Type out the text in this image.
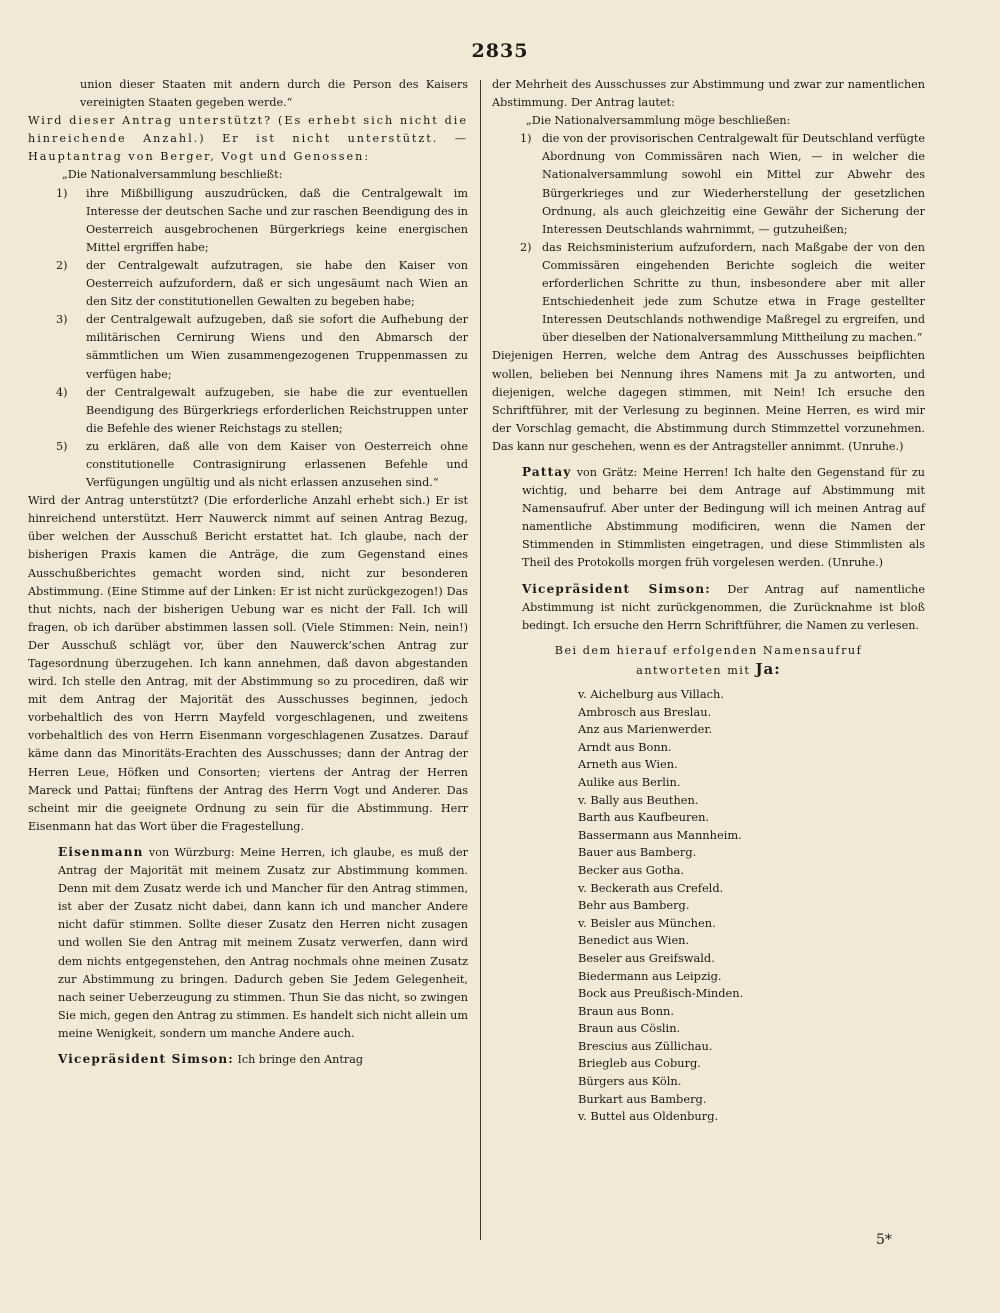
2835

union dieser Staaten mit andern durch die Person des Kaisers vereinigten Staaten gegeben werde.“

Wird dieser Antrag unterstützt? (Es erhebt sich nicht die hinreichende Anzahl.) Er ist nicht unterstützt. — Hauptantrag von Berger, Vogt und Genossen:

„Die Nationalversammlung beschließt:

1) ihre Mißbilligung auszudrücken, daß die Centralgewalt im Interesse der deutschen Sache und zur raschen Beendigung des in Oesterreich ausgebrochenen Bürgerkriegs keine energischen Mittel ergriffen habe;
2) der Centralgewalt aufzutragen, sie habe den Kaiser von Oesterreich aufzufordern, daß er sich ungesäumt nach Wien an den Sitz der constitutionellen Gewalten zu begeben habe;
3) der Centralgewalt aufzugeben, daß sie sofort die Aufhebung der militärischen Cernirung Wiens und den Abmarsch der sämmtlichen um Wien zusammengezogenen Truppenmassen zu verfügen habe;
4) der Centralgewalt aufzugeben, sie habe die zur eventuellen Beendigung des Bürgerkriegs erforderlichen Reichstruppen unter die Befehle des wiener Reichstags zu stellen;
5) zu erklären, daß alle von dem Kaiser von Oesterreich ohne constitutionelle Contrasignirung erlassenen Befehle und Verfügungen ungültig und als nicht erlassen anzusehen sind.“

Wird der Antrag unterstützt? (Die erforderliche Anzahl erhebt sich.) Er ist hinreichend unterstützt. Herr Nauwerck nimmt auf seinen Antrag Bezug, über welchen der Ausschuß Bericht erstattet hat. Ich glaube, nach der bisherigen Praxis kamen die Anträge, die zum Gegenstand eines Ausschußberichtes gemacht worden sind, nicht zur besonderen Abstimmung. (Eine Stimme auf der Linken: Er ist nicht zurückgezogen!) Das thut nichts, nach der bisherigen Uebung war es nicht der Fall. Ich will fragen, ob ich darüber abstimmen lassen soll. (Viele Stimmen: Nein, nein!) Der Ausschuß schlägt vor, über den Nauwerck’schen Antrag zur Tagesordnung überzugehen. Ich kann annehmen, daß davon abgestanden wird. Ich stelle den Antrag, mit der Abstimmung so zu procediren, daß wir mit dem Antrag der Majorität des Ausschusses beginnen, jedoch vorbehaltlich des von Herrn Mayfeld vorgeschlagenen, und zweitens vorbehaltlich des von Herrn Eisenmann vorgeschlagenen Zusatzes. Darauf käme dann das Minoritäts-Erachten des Ausschusses; dann der Antrag der Herren Leue, Höfken und Consorten; viertens der Antrag der Herren Mareck und Pattai; fünftens der Antrag des Herrn Vogt und Anderer. Das scheint mir die geeignete Ordnung zu sein für die Abstimmung. Herr Eisenmann hat das Wort über die Fragestellung.

Eisenmann von Würzburg: Meine Herren, ich glaube, es muß der Antrag der Majorität mit meinem Zusatz zur Abstimmung kommen. Denn mit dem Zusatz werde ich und Mancher für den Antrag stimmen, ist aber der Zusatz nicht dabei, dann kann ich und mancher Andere nicht dafür stimmen. Sollte dieser Zusatz den Herren nicht zusagen und wollen Sie den Antrag mit meinem Zusatz verwerfen, dann wird dem nichts entgegenstehen, den Antrag nochmals ohne meinen Zusatz zur Abstimmung zu bringen. Dadurch geben Sie Jedem Gelegenheit, nach seiner Ueberzeugung zu stimmen. Thun Sie das nicht, so zwingen Sie mich, gegen den Antrag zu stimmen. Es handelt sich nicht allein um meine Wenigkeit, sondern um manche Andere auch.

Vicepräsident Simson: Ich bringe den Antrag

der Mehrheit des Ausschusses zur Abstimmung und zwar zur namentlichen Abstimmung. Der Antrag lautet:

„Die Nationalversammlung möge beschließen:

1) die von der provisorischen Centralgewalt für Deutschland verfügte Abordnung von Commissären nach Wien, — in welcher die Nationalversammlung sowohl ein Mittel zur Abwehr des Bürgerkrieges und zur Wiederherstellung der gesetzlichen Ordnung, als auch gleichzeitig eine Gewähr der Sicherung der Interessen Deutschlands wahrnimmt, — gutzuheißen;
2) das Reichsministerium aufzufordern, nach Maßgabe der von den Commissären eingehenden Berichte sogleich die weiter erforderlichen Schritte zu thun, insbesondere aber mit aller Entschiedenheit jede zum Schutze etwa in Frage gestellter Interessen Deutschlands nothwendige Maßregel zu ergreifen, und über dieselben der Nationalversammlung Mittheilung zu machen.“

Diejenigen Herren, welche dem Antrag des Ausschusses beipflichten wollen, belieben bei Nennung ihres Namens mit Ja zu antworten, und diejenigen, welche dagegen stimmen, mit Nein! Ich ersuche den Schriftführer, mit der Verlesung zu beginnen. Meine Herren, es wird mir der Vorschlag gemacht, die Abstimmung durch Stimmzettel vorzunehmen. Das kann nur geschehen, wenn es der Antragsteller annimmt. (Unruhe.)

Pattay von Grätz: Meine Herren! Ich halte den Gegenstand für zu wichtig, und beharre bei dem Antrage auf Abstimmung mit Namensaufruf. Aber unter der Bedingung will ich meinen Antrag auf namentliche Abstimmung modificiren, wenn die Namen der Stimmenden in Stimmlisten eingetragen, und diese Stimmlisten als Theil des Protokolls morgen früh vorgelesen werden. (Unruhe.)

Vicepräsident Simson: Der Antrag auf namentliche Abstimmung ist nicht zurückgenommen, die Zurücknahme ist bloß bedingt. Ich ersuche den Herrn Schriftführer, die Namen zu verlesen.

Bei dem hierauf erfolgenden Namensaufruf

antworteten mit Ja:

v. Aichelburg aus Villach.
Ambrosch aus Breslau.
Anz aus Marienwerder.
Arndt aus Bonn.
Arneth aus Wien.
Aulike aus Berlin.
v. Bally aus Beuthen.
Barth aus Kaufbeuren.
Bassermann aus Mannheim.
Bauer aus Bamberg.
Becker aus Gotha.
v. Beckerath aus Crefeld.
Behr aus Bamberg.
v. Beisler aus München.
Benedict aus Wien.
Beseler aus Greifswald.
Biedermann aus Leipzig.
Bock aus Preußisch-Minden.
Braun aus Bonn.
Braun aus Cöslin.
Brescius aus Züllichau.
Briegleb aus Coburg.
Bürgers aus Köln.
Burkart aus Bamberg.
v. Buttel aus Oldenburg.
5*
